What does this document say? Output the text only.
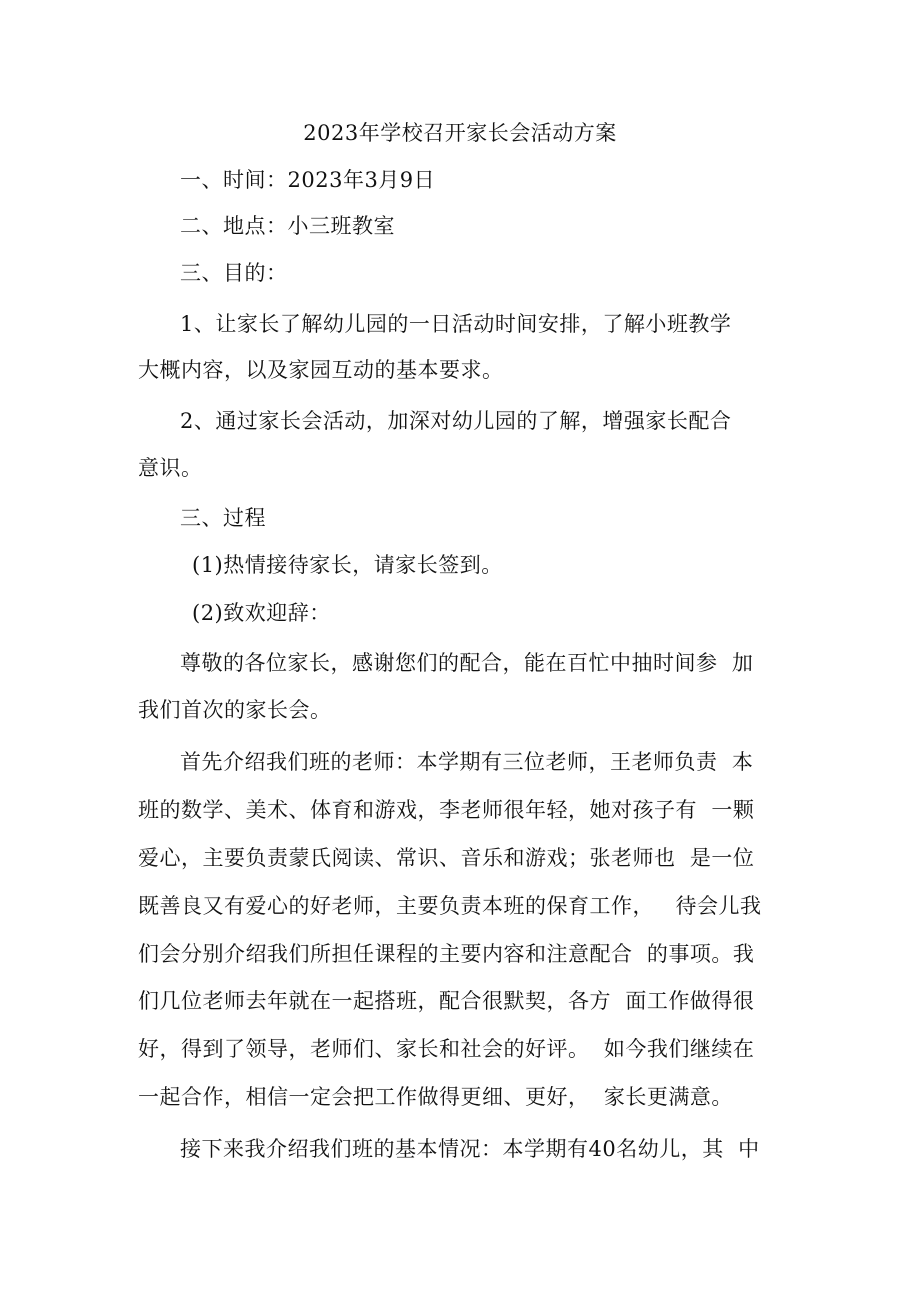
2023年学校召开家长会活动方案
一、时间：2023年3月9日
二、地点：小三班教室
三、目的：
1、让家长了解幼儿园的一日活动时间安排，了解小班教学
大概内容，以及家园互动的基本要求。
2、通过家长会活动，加深对幼儿园的了解，增强家长配合
意识。
三、过程
(1)热情接待家长，请家长签到。
(2)致欢迎辞：
尊敬的各位家长，感谢您们的配合，能在百忙中抽时间参  加
我们首次的家长会。
首先介绍我们班的老师：本学期有三位老师，王老师负责  本
班的数学、美术、体育和游戏，李老师很年轻，她对孩子有  一颗
爱心，主要负责蒙氏阅读、常识、音乐和游戏；张老师也  是一位
既善良又有爱心的好老师，主要负责本班的保育工作，   待会儿我
们会分别介绍我们所担任课程的主要内容和注意配合  的事项。我
们几位老师去年就在一起搭班，配合很默契，各方  面工作做得很
好，得到了领导，老师们、家长和社会的好评。  如今我们继续在
一起合作，相信一定会把工作做得更细、更好，  家长更满意。
接下来我介绍我们班的基本情况：本学期有40名幼儿，其  中
